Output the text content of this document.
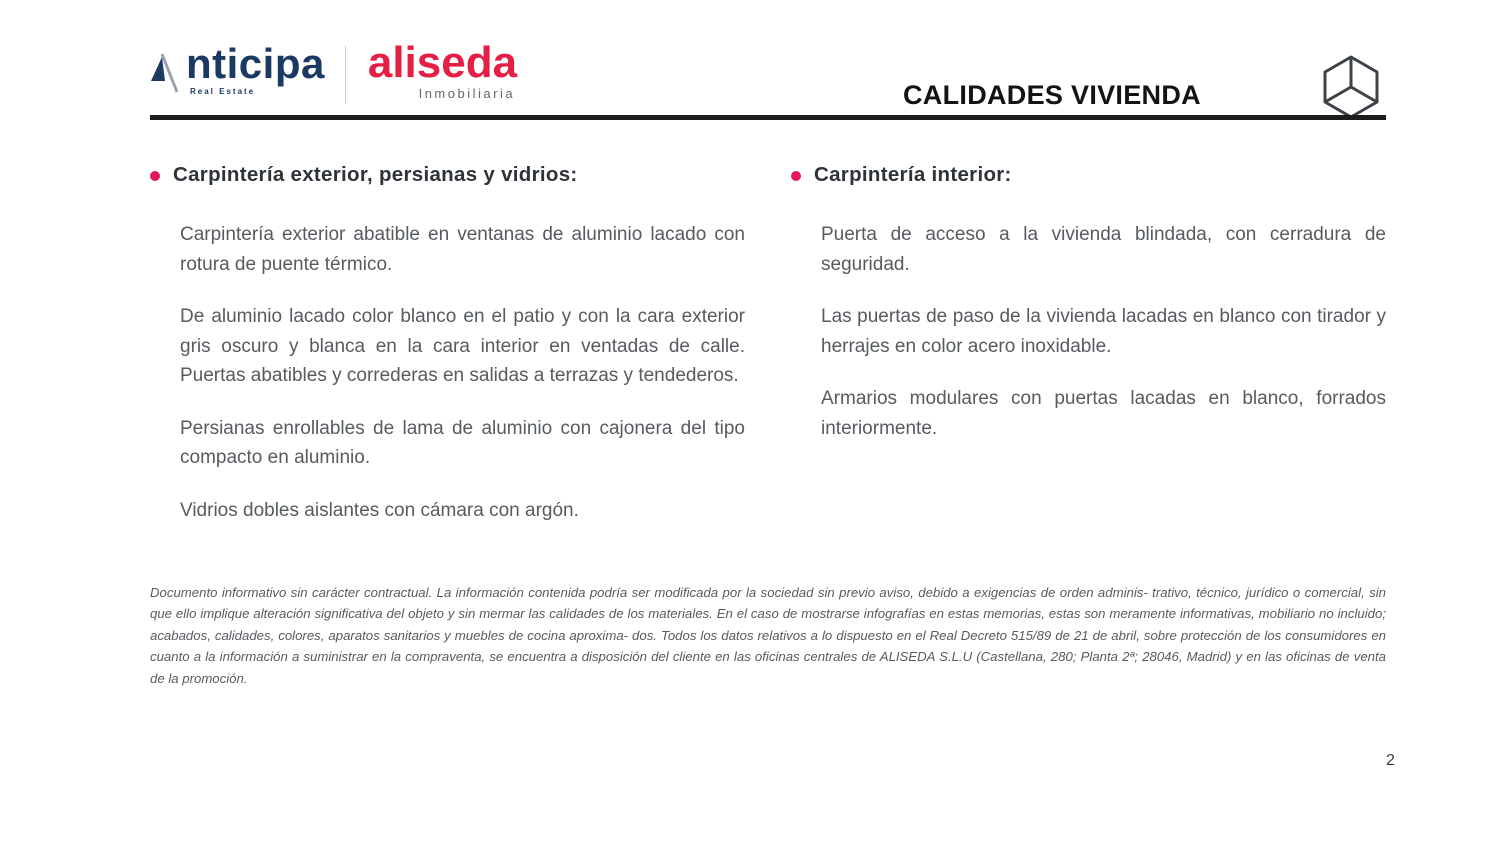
nticipa
Real Estate
aliseda
Inmobiliaria	CALIDADES VIVIENDA
Carpintería exterior, persianas y vidrios:

Carpintería exterior abatible en ventanas de aluminio lacado con rotura de puente térmico.

De aluminio lacado color blanco en el patio y con la cara exterior gris oscuro y blanca en la cara interior en ventadas de calle. Puertas abatibles y correderas en salidas a terrazas y tendederos.

Persianas enrollables de lama de aluminio con cajonera del tipo compacto en aluminio.

Vidrios dobles aislantes con cámara con argón.

Carpintería interior:

Puerta de acceso a la vivienda blindada, con cerradura de seguridad.

Las puertas de paso de la vivienda lacadas en blanco con tirador y herrajes en color acero inoxidable.

Armarios modulares con puertas lacadas en blanco, forrados interiormente.

Documento informativo sin carácter contractual. La información contenida podría ser modificada por la sociedad sin previo aviso, debido a exigencias de orden adminis- trativo, técnico, jurídico o comercial, sin que ello implique alteración significativa del objeto y sin mermar las calidades de los materiales. En el caso de mostrarse infografías en estas memorias, estas son meramente informativas, mobiliario no incluido; acabados, calidades, colores, aparatos sanitarios y muebles de cocina aproxima- dos. Todos los datos relativos a lo dispuesto en el Real Decreto 515/89 de 21 de abril, sobre protección de los consumidores en cuanto a la información a suministrar en la compraventa, se encuentra a disposición del cliente en las oficinas centrales de ALISEDA S.L.U (Castellana, 280; Planta 2ª; 28046, Madrid) y en las oficinas de venta de la promoción.
2
